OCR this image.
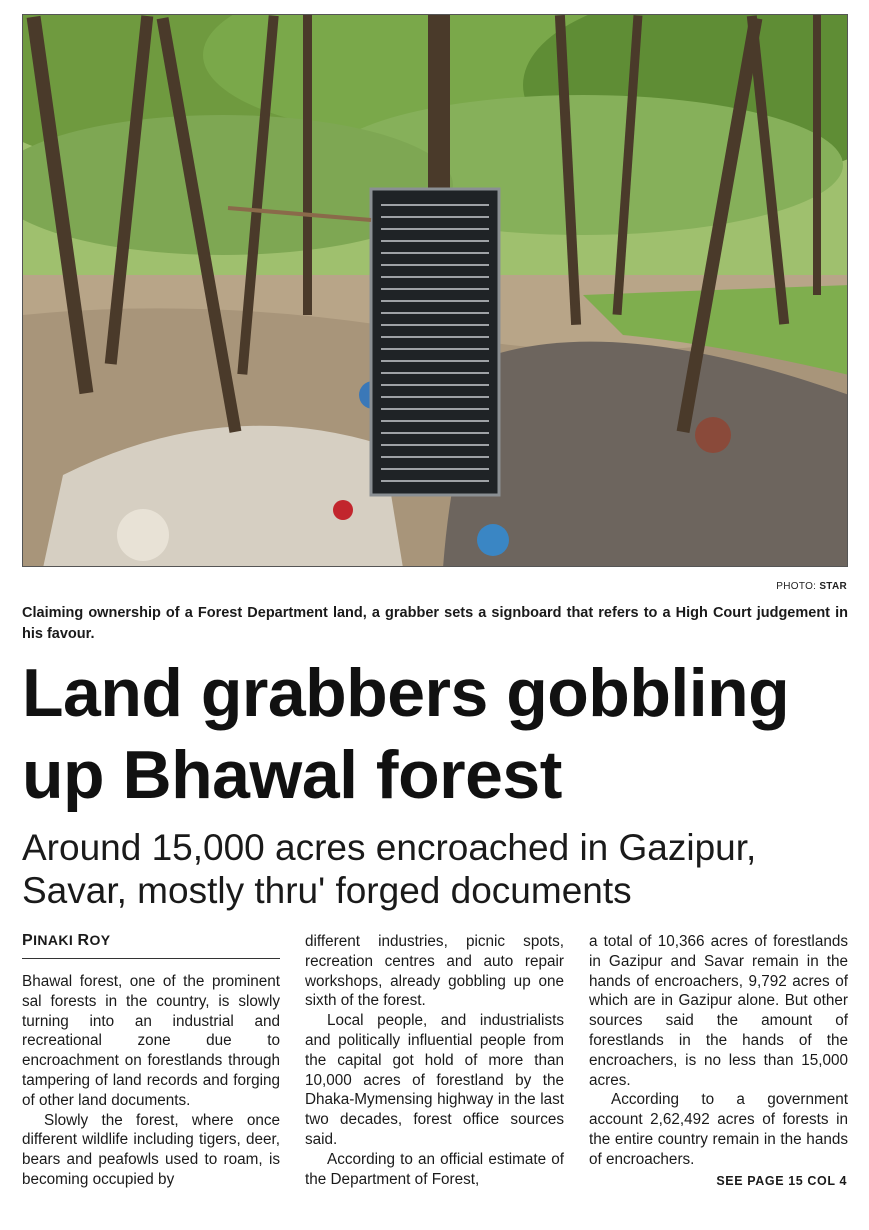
PHOTO: STAR
Claiming ownership of a Forest Department land, a grabber sets a signboard that refers to a High Court judgement in his favour.
Land grabbers gobbling
up Bhawal forest
Around 15,000 acres encroached in Gazipur,
Savar, mostly thru' forged documents
PINAKI ROY

Bhawal forest, one of the prominent sal forests in the country, is slowly turning into an industrial and recreational zone due to encroachment on forestlands through tampering of land records and forging of other land documents.

Slowly the forest, where once different wildlife including tigers, deer, bears and peafowls used to roam, is becoming occupied by

different industries, picnic spots, recreation centres and auto repair workshops, already gobbling up one sixth of the forest.

Local people, and industrialists and politically influential people from the capital got hold of more than 10,000 acres of forestland by the Dhaka-Mymensing highway in the last two decades, forest office sources said.

According to an official estimate of the Department of Forest,

a total of 10,366 acres of forestlands in Gazipur and Savar remain in the hands of encroachers, 9,792 acres of which are in Gazipur alone. But other sources said the amount of forestlands in the hands of the encroachers, is no less than 15,000 acres.

According to a government account 2,62,492 acres of forests in the entire country remain in the hands of encroachers.

SEE PAGE 15 COL 4
